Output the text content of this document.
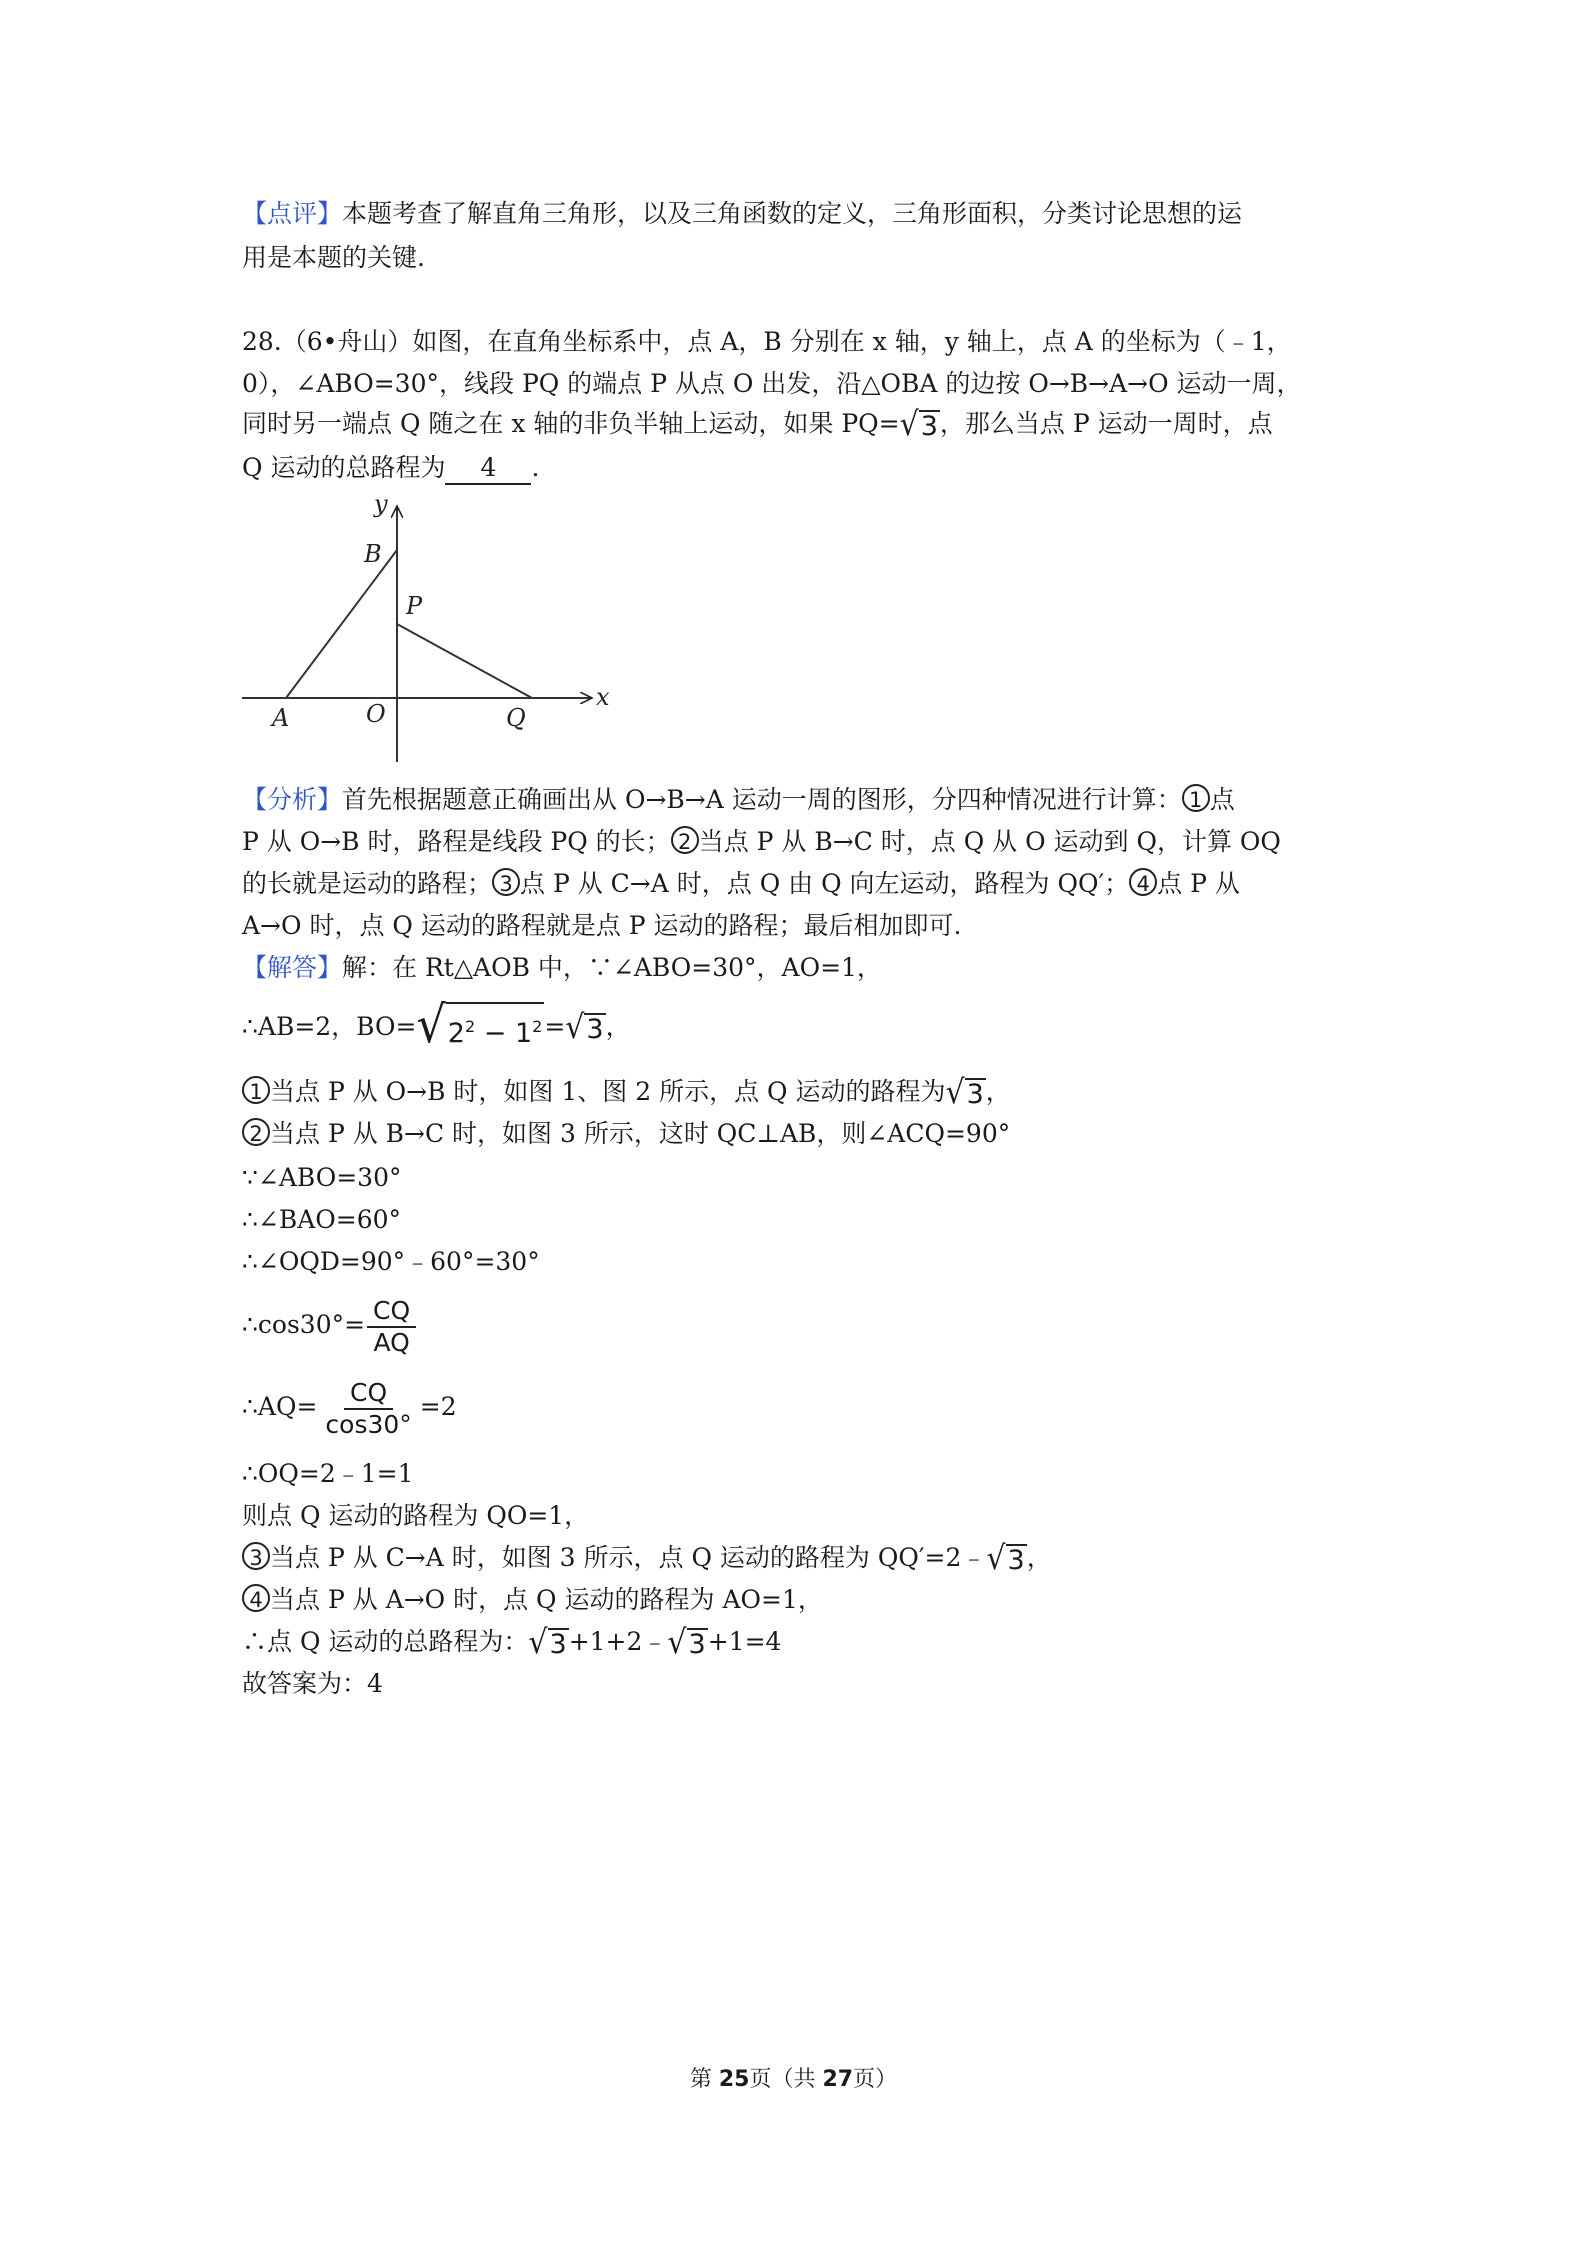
【点评】本题考查了解直角三角形，以及三角函数的定义，三角形面积，分类讨论思想的运
用是本题的关键.
28.（6•舟山）如图，在直角坐标系中，点 A，B 分别在 x 轴，y 轴上，点 A 的坐标为（﹣1，
0），∠ABO=30°，线段 PQ 的端点 P 从点 O 出发，沿△OBA 的边按 O→B→A→O 运动一周，
同时另一端点 Q 随之在 x 轴的非负半轴上运动，如果 PQ= √ 3 ，那么当点 P 运动一周时，点
Q 运动的总路程为 4 .
y
x
B
P
A	O	Q
【分析】首先根据题意正确画出从 O→B→A 运动一周的图形，分四种情况进行计算： 1 点
P 从 O→B 时，路程是线段 PQ 的长； 2 当点 P 从 B→C 时，点 Q 从 O 运动到 Q，计算 OQ
的长就是运动的路程； 3 点 P 从 C→A 时，点 Q 由 Q 向左运动，路程为 QQ′； 4 点 P 从
A→O 时，点 Q 运动的路程就是点 P 运动的路程；最后相加即可.
【解答】解：在 Rt△AOB 中，∵∠ABO=30°，AO=1，
∴AB=2，BO= √ $2^2 - 1^2$ = √ 3 ，
1 当点 P 从 O→B 时，如图 1、图 2 所示，点 Q 运动的路程为 √ 3 ，
2 当点 P 从 B→C 时，如图 3 所示，这时 QC⊥AB，则∠ACQ=90°
∵∠ABO=30°
∴∠BAO=60°
∴∠OQD=90°﹣60°=30°
∴cos30°= $\frac{CQ}{AQ}$
∴AQ= $\frac{CQ}{\cos 30^\circ} =2$
∴OQ=2﹣1=1
则点 Q 运动的路程为 QO=1，
3 当点 P 从 C→A 时，如图 3 所示，点 Q 运动的路程为 QQ′=2﹣ √ 3 ，
4 当点 P 从 A→O 时，点 Q 运动的路程为 AO=1，
∴点 Q 运动的总路程为： √ 3 +1+2﹣ √ 3 +1=4
故答案为：4
第 25页（共 27页）
